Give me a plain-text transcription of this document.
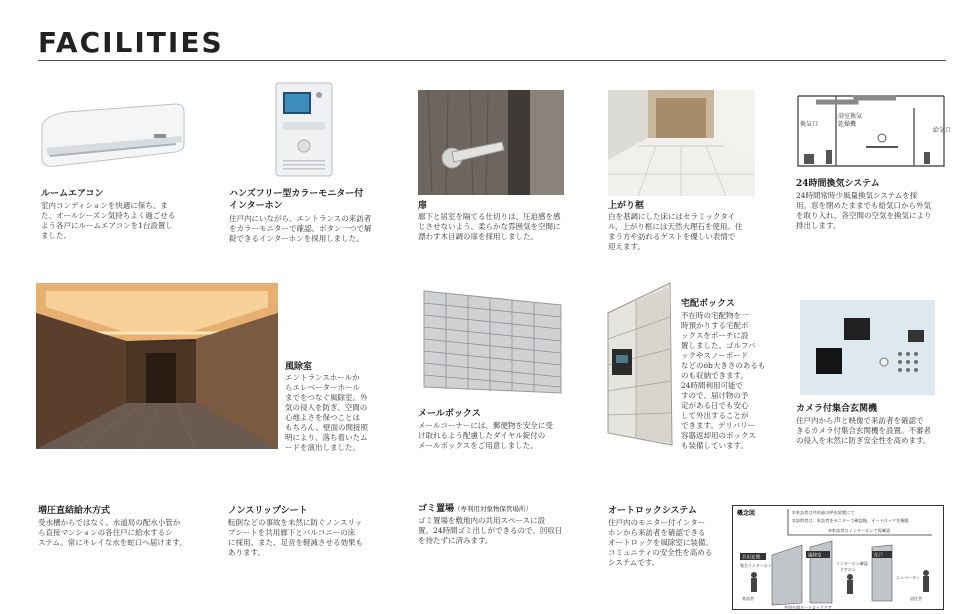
FACILITIES
ルームエアコン
室内コンディションを快適に保ち、ま
た、オールシーズン気持ちよく過ごせる
よう各戸にルームエアコンを1台設置し
ました。
ハンズフリー型カラーモニター付
インターホン
住戸内にいながら、エントランスの来訪者
をカラーモニターで確認。ボタン一つで解
錠できるインターホンを採用しました。
扉
廊下と居室を隔てる仕切りは、圧迫感を感
じさせないよう、柔らかな雰囲気を空間に
漂わす木目調の扉を採用しました。
上がり框
白を基調にした床にはセラミックタイ
ル、上がり框には天然大理石を使用。住
まう方や訪れるゲストを優しい表情で
迎えます。
換気口
給気口
浴室換気
乾燥機
24時間換気システム
24時間常時少風量換気システムを採
用。窓を閉めたままでも給気口から外気
を取り入れ、各空間の空気を換気により
排出します。
風除室
エントランスホールか
らエレベーターホール
までをつなぐ風除室。外
気の侵入を防ぎ、空間の
心地よさを保つことは
もちろん、壁面の間接照
明により、落ち着いたム
ードを演出しました。
メールボックス
メールコーナーには、郵便物を安全に受
け取れるよう配慮したダイヤル錠付の
メールボックスをご用意しました。
宅配ボックス
不在時の宅配物を一
時預かりする宅配ボ
ックスをポーチに設
置しました。ゴルフバ
ックやスノーボード
などのób大きさのあるも
のも収納できます。
24時間利用可能で
すので、届け物の予
定がある日でも安心
して外出することが
できます。デリバリー
容器返却用のボックス
も装備しています。
カメラ付集合玄関機
住戸内から声と映像で来訪者を確認で
きるカメラ付集合玄関機を設置。不審者
の侵入を未然に防ぎ安全性を高めます。
増圧直結給水方式
受水槽からではなく、水道局の配水小管か
ら直接マンションの各住戸に給水するシ
ステム。常にキレイな水を蛇口へ届けます。
ノンスリップシート
転倒などの事故を未然に防ぐノンスリッ
プシートを共用廊下とバルコニーの床
に採用。また、足音を軽減させる効果も
あります。
ゴミ置場（専利用対象物保管場所）
ゴミ置場を敷地内の共用スペースに設
置。24時間ゴミ出しができるので、回収日
を待たずに済みます。
オートロックシステム
住戸内のモニター付インター
ホンから来訪者を確認できる
オートロックを風除室に装備。
コミュニティの安全性を高める
システムです。
概念図	①来訪者は共用部の呼出装置にて
②訪問者は、来訪者をモニターで確認後、オートロックを解錠
③来訪者はインターホンで再確認
共用玄関	風除室	住戸
集合インターホン	インターホン確認
ドアホン
エレベーター
来訪者	居住者
共用玄関オートロックドア
